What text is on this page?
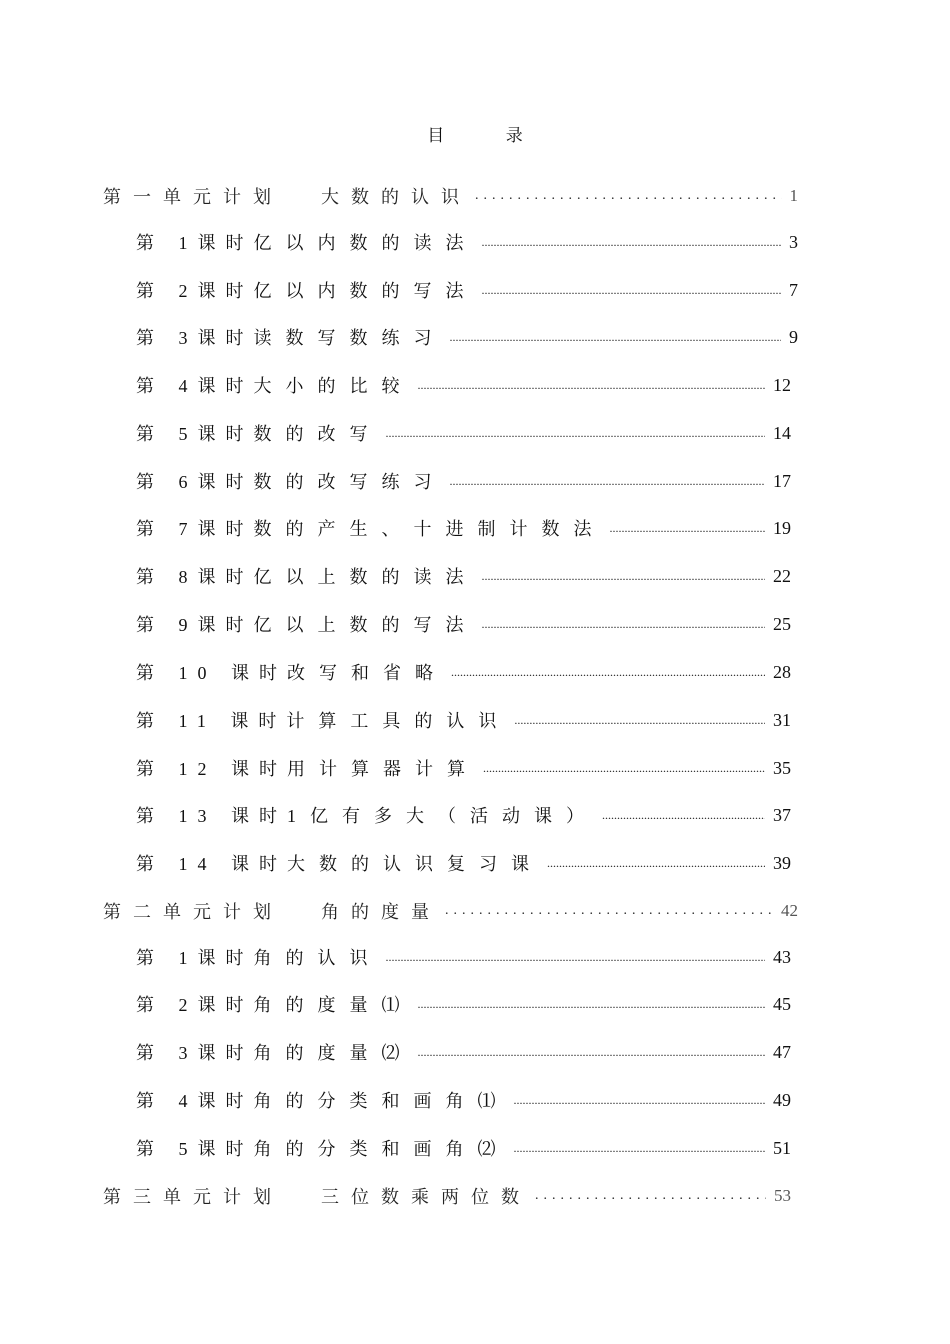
目 录
第一单元计划 大数的认识 .....	1
第 1课时 亿以内数的读法 .....	3
第 2课时 亿以内数的写法 .....	7
第 3课时 读数写数练习 .....	9
第 4课时 大小的比较 .....	12
第 5课时 数的改写 .....	14
第 6课时 数的改写练习 .....	17
第 7课时 数的产生、十进制计数法 .....	19
第 8课时 亿以上数的读法 .....	22
第 9课时 亿以上数的写法 .....	25
第 10 课时 改写和省略 .....	28
第 11 课时 计算工具的认识 .....	31
第 12 课时 用计算器计算 .....	35
第 13 课时 1亿有多大（活动课） .....	37
第 14 课时 大数的认识复习课 .....	39
第二单元计划 角的度量 .....	42
第 1课时 角的认识 .....	43
第 2课时 角的度量⑴ .....	45
第 3课时 角的度量⑵ .....	47
第 4课时 角的分类和画角⑴ .....	49
第 5课时 角的分类和画角⑵ .....	51
第三单元计划 三位数乘两位数 .....	53
